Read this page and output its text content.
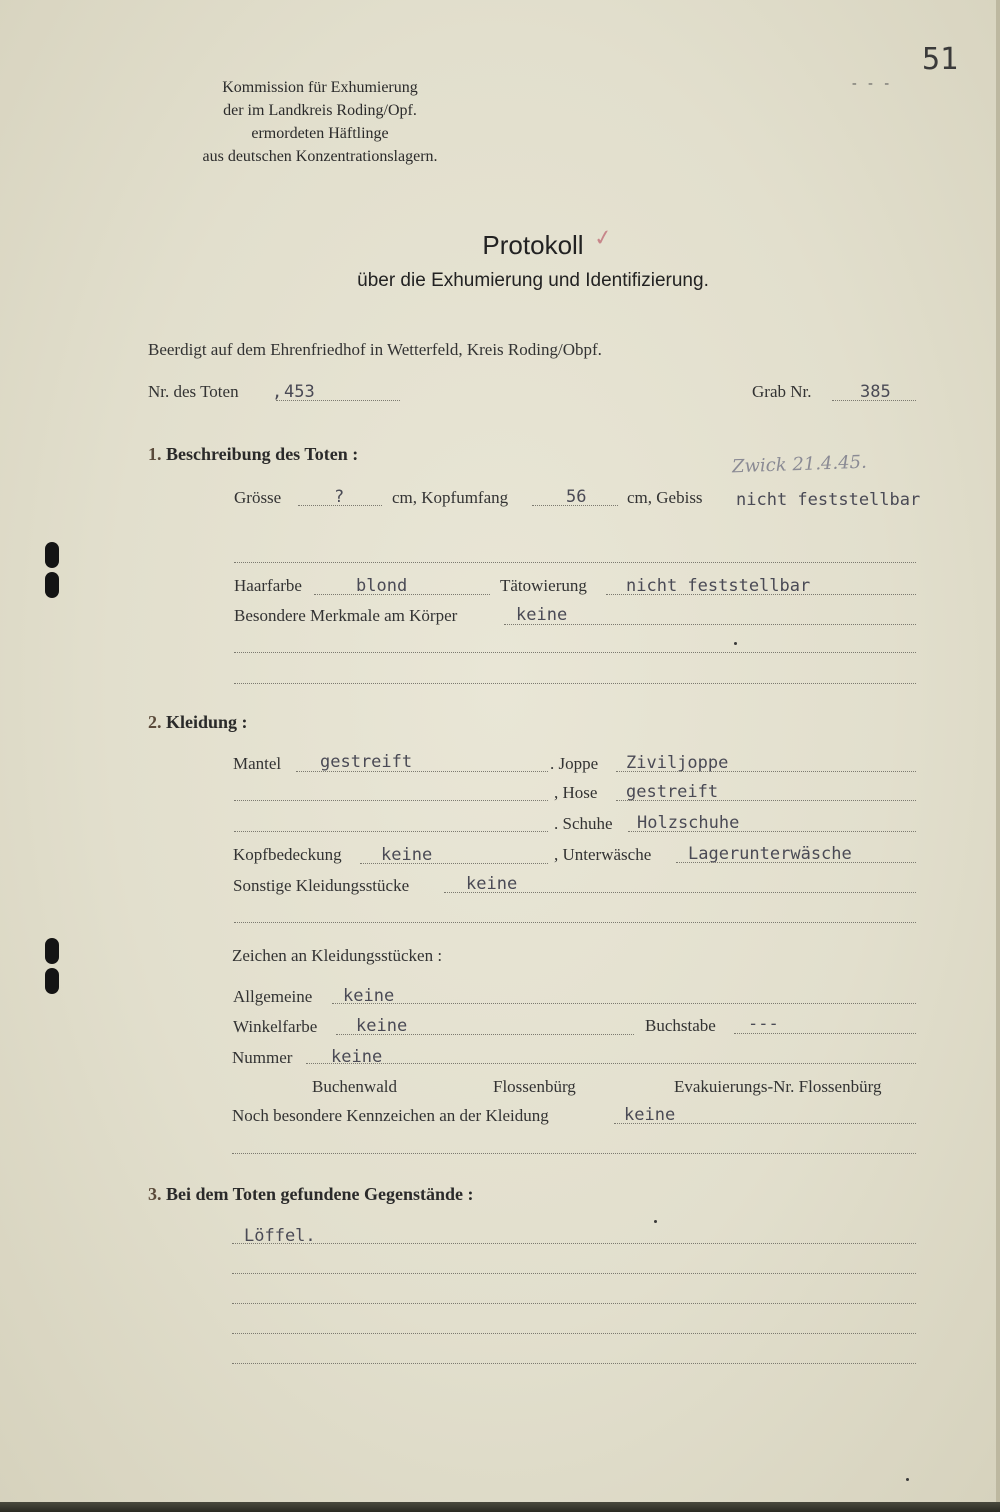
Kommission für Exhumierung
der im Landkreis Roding/Opf.
ermordeten Häftlinge
aus deutschen Konzentrationslagern.
51
- - -
Protokoll ✓
über die Exhumierung und Identifizierung.
Beerdigt auf dem Ehrenfriedhof in Wetterfeld, Kreis Roding/Obpf.
Nr. des Toten , 453	Grab Nr.	385
1. Beschreibung des Toten :	Zwick 21.4.45.
Grösse	?	cm, Kopfumfang	56 cm, Gebiss nicht feststellbar
Haarfarbe	blond	Tätowierung nicht feststellbar
Besondere Merkmale am Körper	keine
2. Kleidung :
Mantel gestreift	. Joppe Ziviljoppe
, Hose gestreift
. Schuhe Holzschuhe
Kopfbedeckung keine	, Unterwäsche Lagerunterwäsche
Sonstige Kleidungsstücke	keine
Zeichen an Kleidungsstücken :
Allgemeine keine
Winkelfarbe keine	Buchstabe ---
Nummer keine
Buchenwald	Flossenbürg	Evakuierungs-Nr. Flossenbürg
Noch besondere Kennzeichen an der Kleidung	keine
3. Bei dem Toten gefundene Gegenstände :
Löffel.
